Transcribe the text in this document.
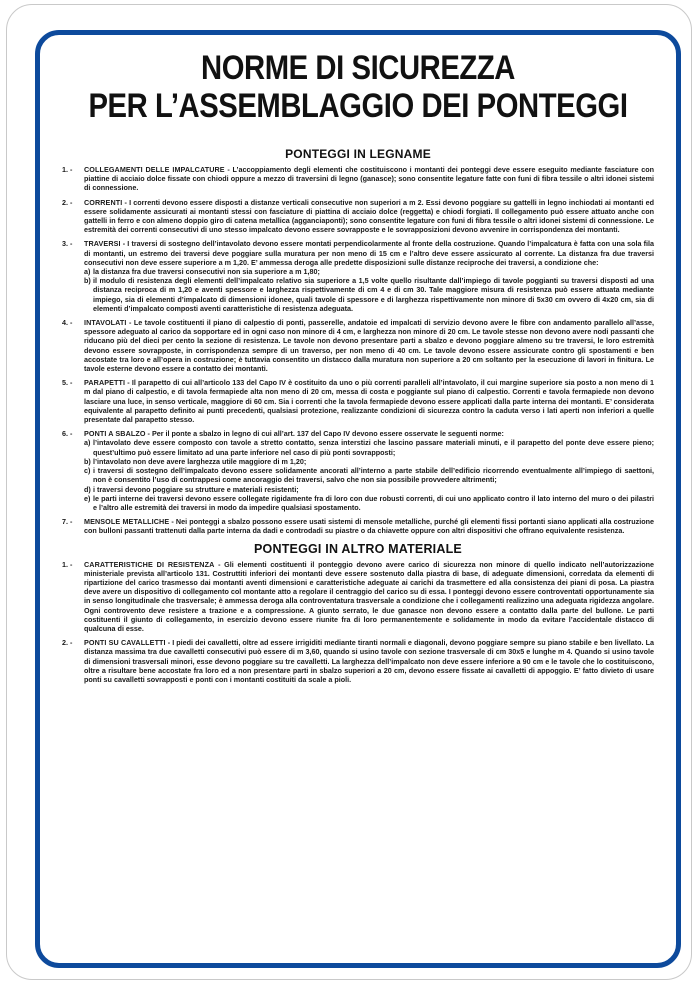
NORME DI SICUREZZA
PER L’ASSEMBLAGGIO DEI PONTEGGI
PONTEGGI IN LEGNAME
1. -	COLLEGAMENTI DELLE IMPALCATURE - L’accoppiamento degli elementi che costituiscono i montanti dei ponteggi deve essere eseguito mediante fasciature con piattine di acciaio dolce fissate con chiodi oppure a mezzo di traversini di legno (ganasce); sono consentite legature fatte con funi di fibra tessile o altri idonei sistemi di connessione.
2. -	CORRENTI - I correnti devono essere disposti a distanze verticali consecutive non superiori a m 2. Essi devono poggiare su gattelli in legno inchiodati ai montanti ed essere solidamente assicurati ai montanti stessi con fasciature di piattina di acciaio dolce (reggetta) e chiodi forgiati. Il collegamento può essere attuato anche con gattelli in ferro e con almeno doppio giro di catena metallica (agganciaponti); sono consentite legature con funi di fibra tessile o altri idonei sistemi di connessione. Le estremità dei correnti consecutivi di uno stesso impalcato devono essere sovrapposte e le sovrapposizioni devono avvenire in corrispondenza dei montanti.
3. -	TRAVERSI - I traversi di sostegno dell’intavolato devono essere montati perpendicolarmente al fronte della costruzione. Quando l’impalcatura è fatta con una sola fila di montanti, un estremo dei traversi deve poggiare sulla muratura per non meno di 15 cm e l’altro deve essere assicurato al corrente. La distanza fra due traversi consecutivi non deve essere superiore a m 1,20. E’ ammessa deroga alle predette disposizioni sulle distanze reciproche dei traversi, a condizione che:
a) la distanza fra due traversi consecutivi non sia superiore a m 1,80;
b) il modulo di resistenza degli elementi dell’impalcato relativo sia superiore a 1,5 volte quello risultante dall’impiego di tavole poggianti su traversi disposti ad una distanza reciproca di m 1,20 e aventi spessore e larghezza rispettivamente di cm 4 e di cm 30. Tale maggiore misura di resistenza può essere attuata mediante impiego, sia di elementi d’impalcato di dimensioni idonee, quali tavole di spessore e di larghezza rispettivamente non minore di 5x30 cm ovvero di 4x20 cm, sia di elementi d’impalcato composti aventi caratteristiche di resistenza adeguata.
4. -	INTAVOLATI - Le tavole costituenti il piano di calpestio di ponti, passerelle, andatoie ed impalcati di servizio devono avere le fibre con andamento parallelo all’asse, spessore adeguato al carico da sopportare ed in ogni caso non minore di 4 cm, e larghezza non minore di 20 cm. Le tavole stesse non devono avere nodi passanti che riducano più del dieci per cento la sezione di resistenza. Le tavole non devono presentare parti a sbalzo e devono poggiare almeno su tre traversi, le loro estremità devono essere sovrapposte, in corrispondenza sempre di un traverso, per non meno di 40 cm. Le tavole devono essere assicurate contro gli spostamenti e ben accostate tra loro e all’opera in costruzione; è tuttavia consentito un distacco dalla muratura non superiore a 20 cm soltanto per la esecuzione di lavori in finitura. Le tavole esterne devono essere a contatto dei montanti.
5. -	PARAPETTI - Il parapetto di cui all’articolo 133 del Capo IV è costituito da uno o più correnti paralleli all’intavolato, il cui margine superiore sia posto a non meno di 1 m dal piano di calpestio, e di tavola fermapiede alta non meno di 20 cm, messa di costa e poggiante sul piano di calpestio. Correnti e tavola fermapiede non devono lasciare una luce, in senso verticale, maggiore di 60 cm. Sia i correnti che la tavola fermapiede devono essere applicati dalla parte interna dei montanti. E’ considerata equivalente al parapetto definito ai punti precedenti, qualsiasi protezione, realizzante condizioni di sicurezza contro la caduta verso i lati aperti non inferiori a quelle presentate dal parapetto stesso.
6. -	PONTI A SBALZO - Per il ponte a sbalzo in legno di cui all’art. 137 del Capo IV devono essere osservate le seguenti norme:
a) l’intavolato deve essere composto con tavole a stretto contatto, senza interstizi che lascino passare materiali minuti, e il parapetto del ponte deve essere pieno; quest’ultimo può essere limitato ad una parte inferiore nel caso di più ponti sovrapposti;
b) l’intavolato non deve avere larghezza utile maggiore di m 1,20;
c) i traversi di sostegno dell’impalcato devono essere solidamente ancorati all’interno a parte stabile dell’edificio ricorrendo eventualmente all’impiego di saettoni, non è consentito l’uso di contrappesi come ancoraggio dei traversi, salvo che non sia possibile provvedere altrimenti;
d) i traversi devono poggiare su strutture e materiali resistenti;
e) le parti interne dei traversi devono essere collegate rigidamente fra di loro con due robusti correnti, di cui uno applicato contro il lato interno del muro o dei pilastri e l’altro alle estremità dei traversi in modo da impedire qualsiasi spostamento.
7. -	MENSOLE METALLICHE - Nei ponteggi a sbalzo possono essere usati sistemi di mensole metalliche, purché gli elementi fissi portanti siano applicati alla costruzione con bulloni passanti trattenuti dalla parte interna da dadi e controdadi su piastre o da chiavette oppure con altri dispositivi che offrano equivalente resistenza.
PONTEGGI IN ALTRO MATERIALE
1. -	CARATTERISTICHE DI RESISTENZA - Gli elementi costituenti il ponteggio devono avere carico di sicurezza non minore di quello indicato nell’autorizzazione ministeriale prevista all’articolo 131. Costruttiti inferiori dei montanti deve essere sostenuto dalla piastra di base, di adeguate dimensioni, corredata da elementi di ripartizione del carico trasmesso dai montanti aventi dimensioni e caratteristiche adeguate ai carichi da trasmettere ed alla consistenza dei piani di posa. La piastra deve avere un dispositivo di collegamento col montante atto a regolare il centraggio del carico su di essa. I ponteggi devono essere controventati opportunamente sia in senso longitudinale che trasversale; è ammessa deroga alla controventatura trasversale a condizione che i collegamenti realizzino una adeguata rigidezza angolare. Ogni controvento deve resistere a trazione e a compressione. A giunto serrato, le due ganasce non devono essere a contatto dalla parte del bullone. Le parti costituenti il giunto di collegamento, in esercizio devono essere riunite fra di loro permanentemente e solidamente in modo da evitare l’accidentale distacco di qualcuna di esse.
2. -	PONTI SU CAVALLETTI - I piedi dei cavalletti, oltre ad essere irrigiditi mediante tiranti normali e diagonali, devono poggiare sempre su piano stabile e ben livellato. La distanza massima tra due cavalletti consecutivi può essere di m 3,60, quando si usino tavole con sezione trasversale di cm 30x5 e lunghe m 4. Quando si usino tavole di dimensioni trasversali minori, esse devono poggiare su tre cavalletti. La larghezza dell’impalcato non deve essere inferiore a 90 cm e le tavole che lo costituiscono, oltre a risultare bene accostate fra loro ed a non presentare parti in sbalzo superiori a 20 cm, devono essere fissate ai cavalletti di appoggio. E’ fatto divieto di usare ponti su cavalletti sovrapposti e ponti con i montanti costituiti da scale a pioli.
